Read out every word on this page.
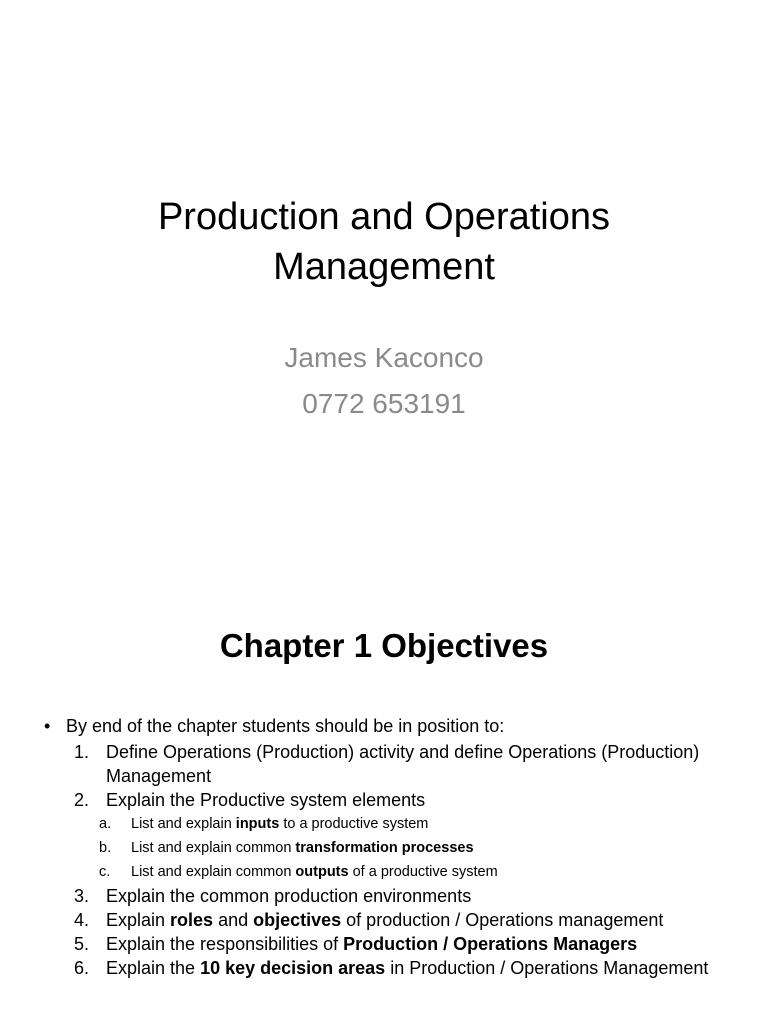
Production and Operations
Management
James Kaconco
0772 653191
Chapter 1 Objectives
• By end of the chapter students should be in position to:
1. Define Operations (Production) activity and define Operations (Production) Management
2. Explain the Productive system elements
a. List and explain inputs to a productive system
b. List and explain common transformation processes
c. List and explain common outputs of a productive system
3. Explain the common production environments
4. Explain roles and objectives of production / Operations management
5. Explain the responsibilities of Production / Operations Managers
6. Explain the 10 key decision areas in Production / Operations Management
